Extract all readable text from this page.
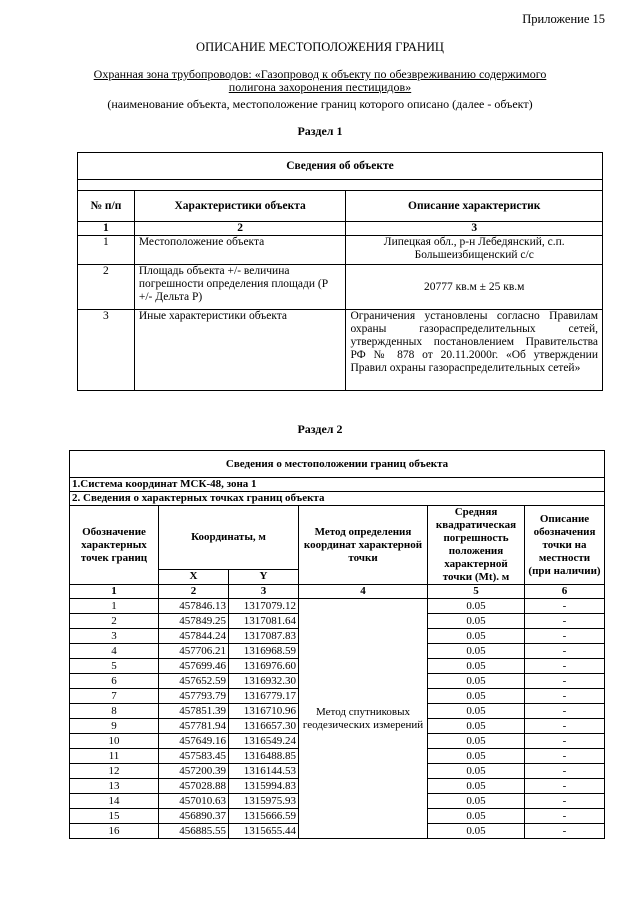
Приложение 15
ОПИСАНИЕ МЕСТОПОЛОЖЕНИЯ ГРАНИЦ
Охранная зона трубопроводов: «Газопровод к объекту по обезвреживанию содержимого
полигона захоронения пестицидов»
(наименование объекта, местоположение границ которого описано (далее - объект)
Раздел 1
Сведения об объекте		

№ п/п	Характеристики объекта	Описание характеристик
1	2	3
1	Местоположение объекта	Липецкая обл., р-н Лебедянский, с.п. Большеизбищенский с/с
2	Площадь объекта +/- величина погрешности определения площади (Р +/- Дельта Р)	20777 кв.м ± 25 кв.м
3	Иные характеристики объекта	Ограничения установлены согласно Правилам охраны газораспределительных сетей, утвержденных постановлением Правительства РФ № 878 от 20.11.2000г. «Об утверждении Правил охраны газораспределительных сетей»
Раздел 2
Сведения о местоположении границ объекта					
1.Система координат МСК-48, зона 1					
2. Сведения о характерных точках границ объекта					
Обозначение характерных точек границ	Координаты, м		Метод определения координат характерной точки	Средняя квадратическая погрешность положения характерной точки (Mt). м	Описание обозначения точки на местности (при наличии)
	X	Y			
1	2	3	4	5	6
1	457846.13	1317079.12	Метод спутниковых геодезических измерений	0.05	-
2	457849.25	1317081.64		0.05	-
3	457844.24	1317087.83		0.05	-
4	457706.21	1316968.59		0.05	-
5	457699.46	1316976.60		0.05	-
6	457652.59	1316932.30		0.05	-
7	457793.79	1316779.17		0.05	-
8	457851.39	1316710.96		0.05	-
9	457781.94	1316657.30		0.05	-
10	457649.16	1316549.24		0.05	-
11	457583.45	1316488.85		0.05	-
12	457200.39	1316144.53		0.05	-
13	457028.88	1315994.83		0.05	-
14	457010.63	1315975.93		0.05	-
15	456890.37	1315666.59		0.05	-
16	456885.55	1315655.44		0.05	-
